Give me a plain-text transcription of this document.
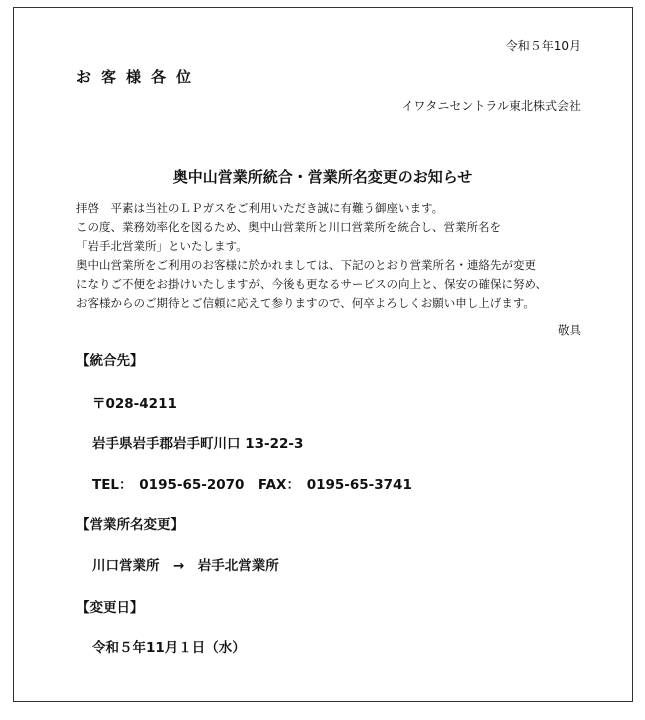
令和５年10月
お客様各位
イワタニセントラル東北株式会社
奥中山営業所統合・営業所名変更のお知らせ
拝啓　平素は当社のＬＰガスをご利用いただき誠に有難う御座います。
この度、業務効率化を図るため、奥中山営業所と川口営業所を統合し、営業所名を
「岩手北営業所」といたします。
奥中山営業所をご利用のお客様に於かれましては、下記のとおり営業所名・連絡先が変更
になりご不便をお掛けいたしますが、今後も更なるサービスの向上と、保安の確保に努め、
お客様からのご期待とご信頼に応えて参りますので、何卒よろしくお願い申し上げます。
敬具
【統合先】
〒028-4211
岩手県岩手郡岩手町川口 13-22-3
TEL：　0195-65-2070　FAX：　0195-65-3741
【営業所名変更】
川口営業所　→　岩手北営業所
【変更日】
令和５年11月１日（水）
